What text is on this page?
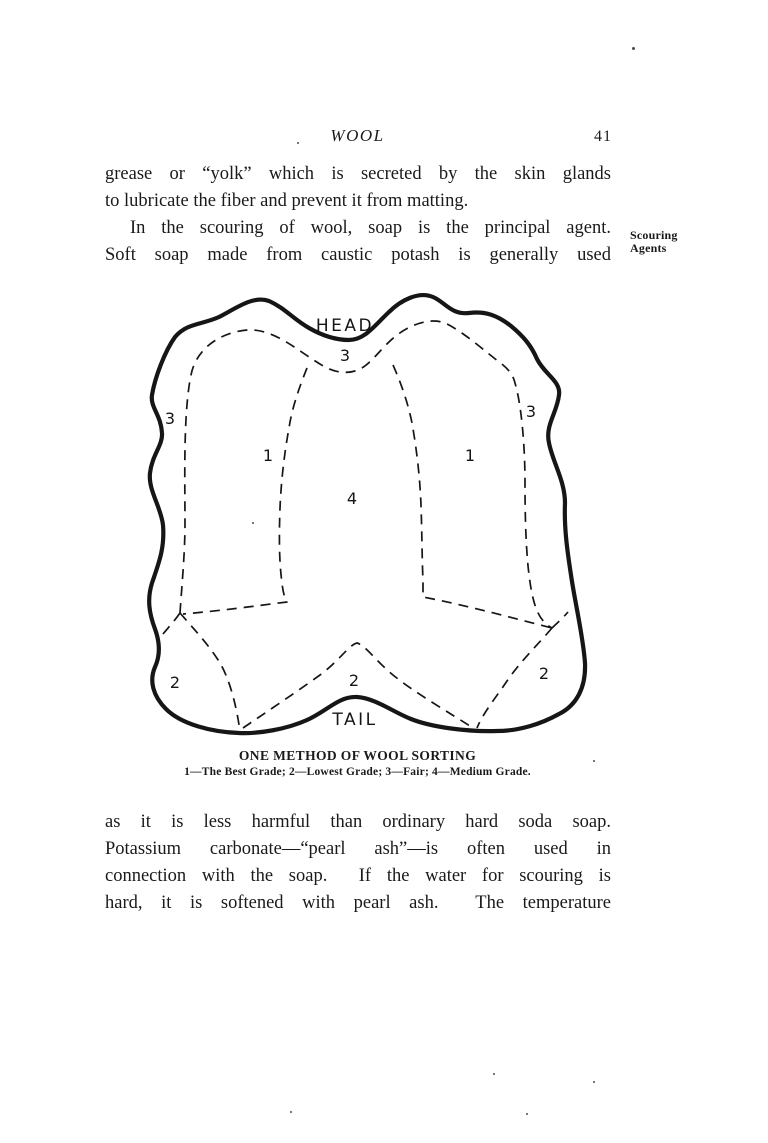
WOOL	41
grease or “yolk” which is secreted by the skin glands
to lubricate the fiber and prevent it from matting.
In the scouring of wool, soap is the principal agent.
Soft soap made from caustic potash is generally used
Scouring
Agents
HEAD
TAIL
3
3	3
1	1
4
2	2	2
ONE METHOD OF WOOL SORTING
1—The Best Grade; 2—Lowest Grade; 3—Fair; 4—Medium Grade.
as it is less harmful than ordinary hard soda soap.
Potassium carbonate—“pearl ash”—is often used in
connection with the soap.  If the water for scouring is
hard, it is softened with pearl ash.  The temperature
